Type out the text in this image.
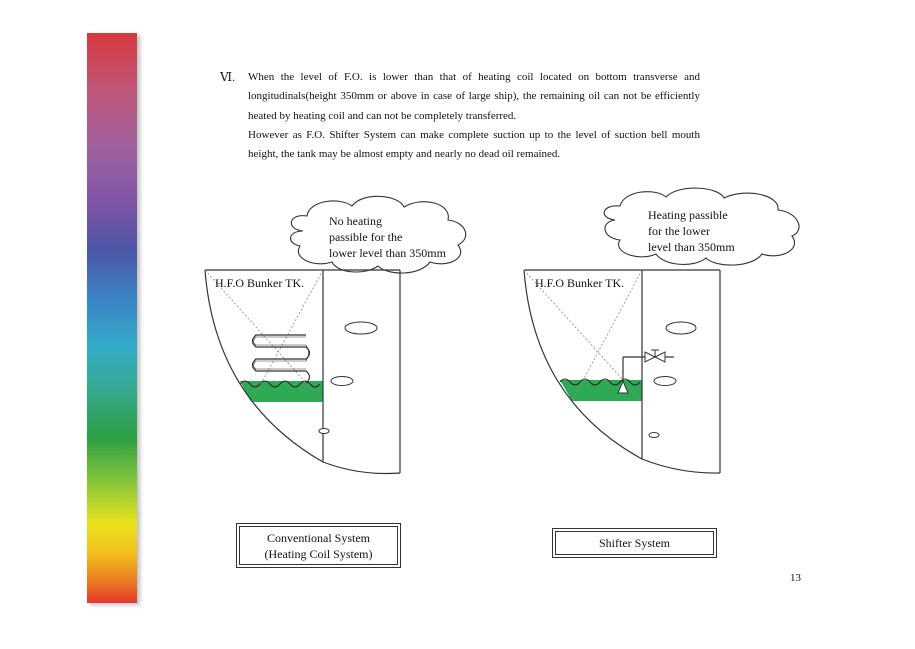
Ⅵ. When the level of F.O. is lower than that of heating coil located on bottom transverse and longitudinals(height 350mm or above in case of large ship), the remaining oil can not be efficiently heated by heating coil and can not be completely transferred.
However as F.O. Shifter System can make complete suction up to the level of suction bell mouth height, the tank may be almost empty and nearly no dead oil remained.
No heating
passible for the
lower level than 350mm
H.F.O Bunker TK.
Heating passible
for the lower
level than 350mm
H.F.O Bunker TK.
Conventional System
(Heating Coil System)
Shifter System
13
